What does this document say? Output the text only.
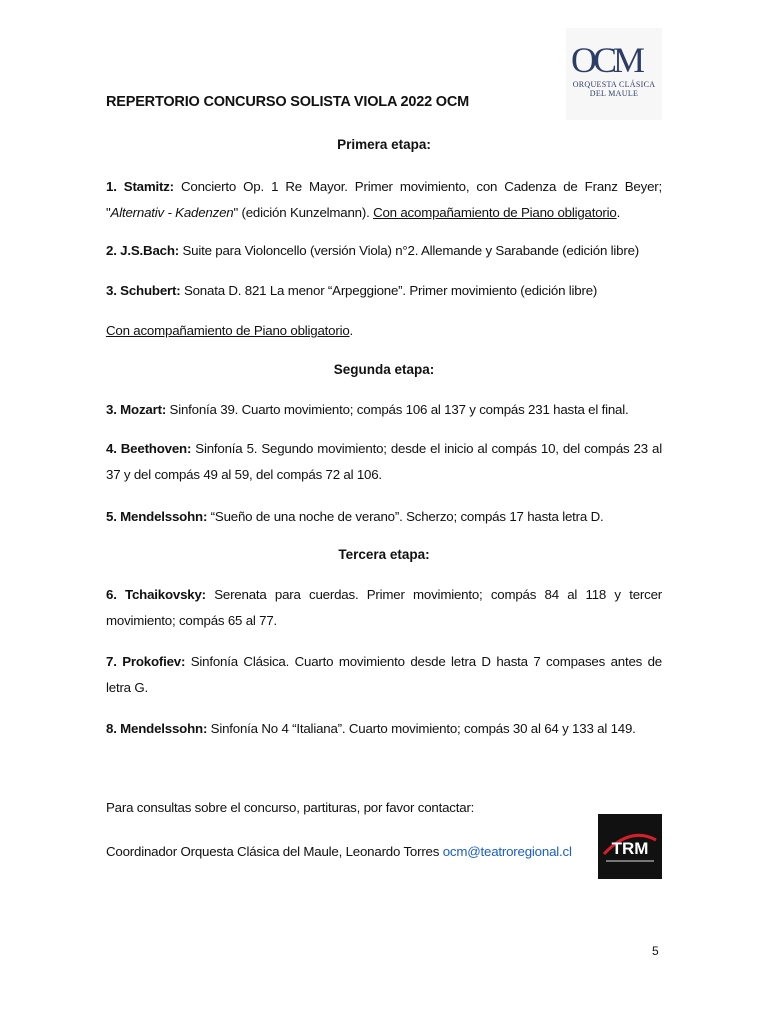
OCM
ORQUESTA CLÁSICA
DEL MAULE
REPERTORIO CONCURSO SOLISTA VIOLA 2022 OCM
Primera etapa:
1. Stamitz: Concierto Op. 1 Re Mayor. Primer movimiento, con Cadenza de Franz Beyer; "Alternativ - Kadenzen" (edición Kunzelmann). Con acompañamiento de Piano obligatorio.
2. J.S.Bach: Suite para Violoncello (versión Viola) n°2. Allemande y Sarabande (edición libre)
3. Schubert: Sonata D. 821 La menor “Arpeggione”. Primer movimiento (edición libre)
Con acompañamiento de Piano obligatorio.
Segunda etapa:
3. Mozart: Sinfonía 39. Cuarto movimiento; compás 106 al 137 y compás 231 hasta el final.
4. Beethoven: Sinfonía 5. Segundo movimiento; desde el inicio al compás 10, del compás 23 al 37 y del compás 49 al 59, del compás 72 al 106.
5. Mendelssohn: “Sueño de una noche de verano”. Scherzo; compás 17 hasta letra D.
Tercera etapa:
6. Tchaikovsky: Serenata para cuerdas. Primer movimiento; compás 84 al 118 y tercer movimiento; compás 65 al 77.
7. Prokofiev: Sinfonía Clásica. Cuarto movimiento desde letra D hasta 7 compases antes de letra G.
8. Mendelssohn: Sinfonía No 4 “Italiana”. Cuarto movimiento; compás 30 al 64 y 133 al 149.
Para consultas sobre el concurso, partituras, por favor contactar:
Coordinador Orquesta Clásica del Maule, Leonardo Torres ocm@teatroregional.cl	TRM
5
